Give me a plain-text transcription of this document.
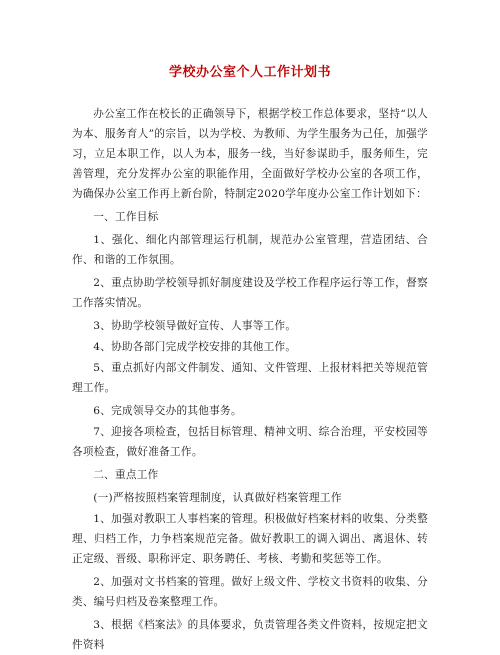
学校办公室个人工作计划书

办公室工作在校长的正确领导下，根据学校工作总体要求，坚持“以人为本、服务育人”的宗旨，以为学校、为教师、为学生服务为己任，加强学习，立足本职工作，以人为本，服务一线，当好参谋助手，服务师生，完善管理，充分发挥办公室的职能作用，全面做好学校办公室的各项工作，为确保办公室工作再上新台阶，特制定2020学年度办公室工作计划如下：

一、工作目标

1、强化、细化内部管理运行机制，规范办公室管理，营造团结、合作、和谐的工作氛围。

2、重点协助学校领导抓好制度建设及学校工作程序运行等工作，督察工作落实情况。

3、协助学校领导做好宣传、人事等工作。

4、协助各部门完成学校安排的其他工作。

5、重点抓好内部文件制发、通知、文件管理、上报材料把关等规范管理工作。

6、完成领导交办的其他事务。

7、迎接各项检查，包括目标管理、精神文明、综合治理，平安校园等各项检查，做好准备工作。

二、重点工作

(一)严格按照档案管理制度，认真做好档案管理工作

1、加强对教职工人事档案的管理。积极做好档案材料的收集、分类整理、归档工作，力争档案规范完备。做好教职工的调入调出、离退休、转正定级、晋级、职称评定、职务聘任、考核、考勤和奖惩等工作。

2、加强对文书档案的管理。做好上级文件、学校文书资料的收集、分类、编号归档及卷案整理工作。

3、根据《档案法》的具体要求，负责管理各类文件资料，按规定把文件资料
